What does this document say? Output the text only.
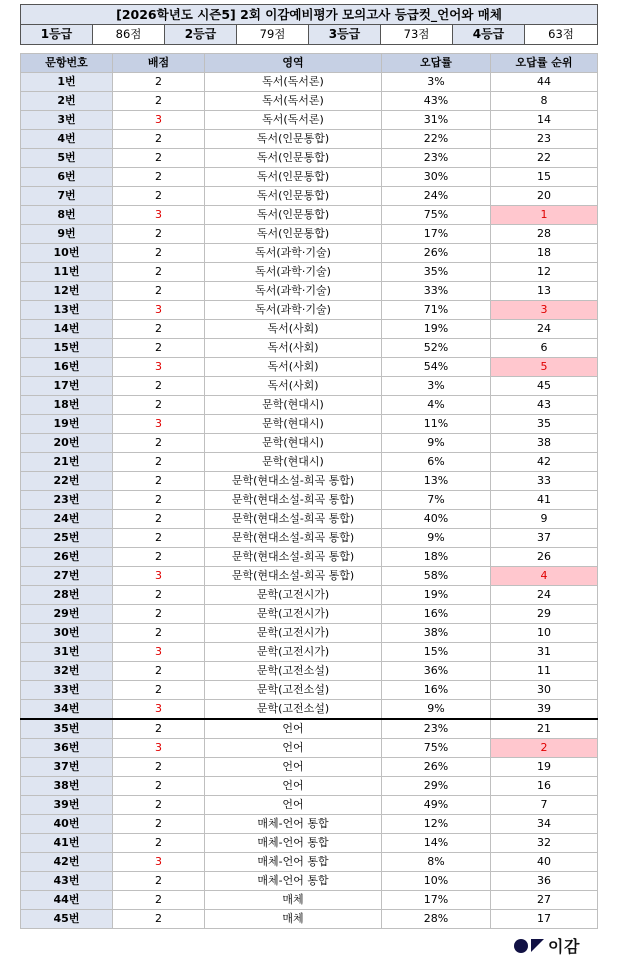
[2026학년도 시즌5] 2회 이감예비평가 모의고사 등급컷_언어와 매체
1등급	86점	2등급	79점	3등급	73점	4등급	63점
문항번호	배점	영역	오답률	오답률 순위
1번	2	독서(독서론)	3%	44
2번	2	독서(독서론)	43%	8
3번	3	독서(독서론)	31%	14
4번	2	독서(인문통합)	22%	23
5번	2	독서(인문통합)	23%	22
6번	2	독서(인문통합)	30%	15
7번	2	독서(인문통합)	24%	20
8번	3	독서(인문통합)	75%	1
9번	2	독서(인문통합)	17%	28
10번	2	독서(과학·기술)	26%	18
11번	2	독서(과학·기술)	35%	12
12번	2	독서(과학·기술)	33%	13
13번	3	독서(과학·기술)	71%	3
14번	2	독서(사회)	19%	24
15번	2	독서(사회)	52%	6
16번	3	독서(사회)	54%	5
17번	2	독서(사회)	3%	45
18번	2	문학(현대시)	4%	43
19번	3	문학(현대시)	11%	35
20번	2	문학(현대시)	9%	38
21번	2	문학(현대시)	6%	42
22번	2	문학(현대소설-희곡 통합)	13%	33
23번	2	문학(현대소설-희곡 통합)	7%	41
24번	2	문학(현대소설-희곡 통합)	40%	9
25번	2	문학(현대소설-희곡 통합)	9%	37
26번	2	문학(현대소설-희곡 통합)	18%	26
27번	3	문학(현대소설-희곡 통합)	58%	4
28번	2	문학(고전시가)	19%	24
29번	2	문학(고전시가)	16%	29
30번	2	문학(고전시가)	38%	10
31번	3	문학(고전시가)	15%	31
32번	2	문학(고전소설)	36%	11
33번	2	문학(고전소설)	16%	30
34번	3	문학(고전소설)	9%	39
35번	2	언어	23%	21
36번	3	언어	75%	2
37번	2	언어	26%	19
38번	2	언어	29%	16
39번	2	언어	49%	7
40번	2	매체-언어 통합	12%	34
41번	2	매체-언어 통합	14%	32
42번	3	매체-언어 통합	8%	40
43번	2	매체-언어 통합	10%	36
44번	2	매체	17%	27
45번	2	매체	28%	17
이감
